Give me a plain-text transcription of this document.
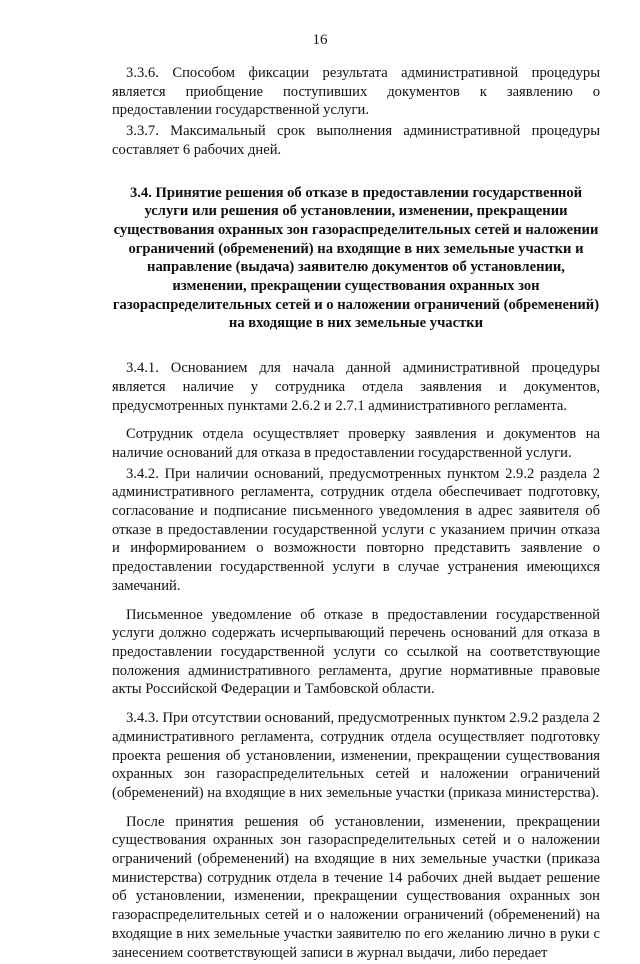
16

3.3.6. Способом фиксации результата административной процедуры является приобщение поступивших документов к заявлению о предоставлении государственной услуги.

3.3.7. Максимальный срок выполнения административной процедуры составляет 6 рабочих дней.

3.4. Принятие решения об отказе в предоставлении государственной услуги или решения об установлении, изменении, прекращении существования охранных зон газораспределительных сетей и наложении ограничений (обременений) на входящие в них земельные участки и направление (выдача) заявителю документов об установлении, изменении, прекращении существования охранных зон газораспределительных сетей и о наложении ограничений (обременений) на входящие в них земельные участки

3.4.1. Основанием для начала данной административной процедуры является наличие у сотрудника отдела заявления и документов, предусмотренных пунктами 2.6.2 и 2.7.1 административного регламента.

Сотрудник отдела осуществляет проверку заявления и документов на наличие оснований для отказа в предоставлении государственной услуги.

3.4.2. При наличии оснований, предусмотренных пунктом 2.9.2 раздела 2 административного регламента, сотрудник отдела обеспечивает подготовку, согласование и подписание письменного уведомления в адрес заявителя об отказе в предоставлении государственной услуги с указанием причин отказа и информированием о возможности повторно представить заявление о предоставлении государственной услуги в случае устранения имеющихся замечаний.

Письменное уведомление об отказе в предоставлении государственной услуги должно содержать исчерпывающий перечень оснований для отказа в предоставлении государственной услуги со ссылкой на соответствующие положения административного регламента, другие нормативные правовые акты Российской Федерации и Тамбовской области.

3.4.3. При отсутствии оснований, предусмотренных пунктом 2.9.2 раздела 2 административного регламента, сотрудник отдела осуществляет подготовку проекта решения об установлении, изменении, прекращении существования охранных зон газораспределительных сетей и наложении ограничений (обременений) на входящие в них земельные участки (приказа министерства).

После принятия решения об установлении, изменении, прекращении существования охранных зон газораспределительных сетей и о наложении ограничений (обременений) на входящие в них земельные участки (приказа министерства) сотрудник отдела в течение 14 рабочих дней выдает решение об установлении, изменении, прекращении существования охранных зон газораспределительных сетей и о наложении ограничений (обременений) на входящие в них земельные участки заявителю по его желанию лично в руки с занесением соответствующей записи в журнал выдачи, либо передает
